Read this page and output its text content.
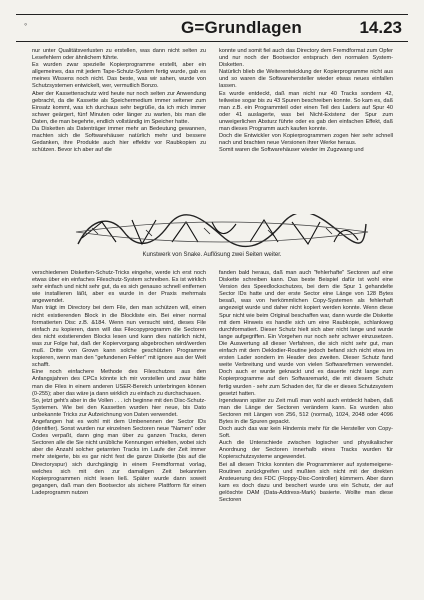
◦	G=Grundlagen	14.23

nur unter Qualitätsverlusten zu erstellen, was dann nicht selten zu Lesefehlern oder ähnlichem führte.

Es wurden zwar spezielle Kopierprogramme erstellt, aber ein allgemeines, das mit jedem Tape-Schutz-System fertig wurde, gab es meines Wissens noch nicht. Das beste, was wir sahen, wurde von Schutzsystemen entwickelt, wer, vermutlich Bonzo.

Aber der Kassettenschutz wird heute nur noch selten zur Anwendung gebracht, da die Kassette als Speichermedium immer seltener zum Einsatz kommt, was ich durchaus sehr begrüße, da ich mich immer schwer geärgert, fünf Minuten oder länger zu warten, bis man die Daten, die man begehrte, endlich vollständig im Speicher hatte.

Da Disketten als Datenträger immer mehr an Bedeutung gewannen, machten sich die Softwarehäuser natürlich mehr und bessere Gedanken, ihre Produkte auch hier effektiv vor Raubkopien zu schützen. Bevor ich aber auf die

konnte und somit fiel auch das Directory dem Fremdformat zum Opfer und nur noch der Bootsector entsprach den normalen System-Disketten.

Natürlich blieb die Weiterentwicklung der Kopierprogramme nicht aus und so waren die Softwarehersteller wieder etwas neues einfallen lassen.

Es wurde entdeckt, daß man nicht nur 40 Tracks sondern 42, teilweise sogar bis zu 43 Spuren beschreiben konnte. So kam es, daß man z.B. ein Programmteil oder einen Teil des Laders auf Spur 40 oder 41 auslagerte, was bei Nicht-Existenz der Spur zum unweigerlichen Absturz führte oder es gab den einfachen Effekt, daß man dieses Programm auch kaufen konnte.

Doch die Entwickler von Kopierprogrammen zogen hier sehr schnell nach und brachten neue Versionen ihrer Werke heraus.

Somit waren die Softwarehäuser wieder im Zugzwang und

Kunstwerk von Snake. Auflösung zwei Seiten weiter.

verschiedenen Disketten-Schutz-Tricks eingehe, werde ich erst noch etwas über ein einfaches Fileschutz-System schreiben. Es ist wirklich sehr einfach und nicht sehr gut, da es sich genauso schnell entfernen wie installieren läßt, aber es wurde in der Praxis mehrmals angewendet.

Man trägt im Directory bei dem File, den man schützen will, einen nicht existierenden Block in die Blockliste ein. Bei einer normal formatierten Disc z.B. &184. Wenn nun versucht wird, dieses File einfach zu kopieren, dann will das Filecopyprogramm die Sectoren des nicht existierenden Blocks lesen und kann dies natürlich nicht, was zur Folge hat, daß der Kopiervorgang abgebrochen wird/werden muß. Dritte von Grown kann solche geschützten Programme kopieren, wenn man den "gefundenen Fehler" mit ignore aus der Welt schafft.

Eine noch einfachere Methode des Fileschutzes aus den Anfangsjahren des CPCs könnte ich mir vorstellen und zwar hätte man die Files in einem anderen USER-Bereich unterbringen können (0-255); aber das wäre ja dann wirklich zu einfach zu durchschauen.

So, jetzt geht's aber in die Vollen . . . ich beginne mit den Disc-Schutz-Systemen. Wie bei den Kassetten wurden hier neue, bis Dato unbekannte Tricks zur Aufzeichnung von Daten verwendet.

Angefangen hat es wohl mit dem Umbenennen der Sector IDs (Identifier). Sonst wurden nur einzelnen Sectoren neue "Namen" oder Codes verpaßt, dann ging man über zu ganzen Tracks, deren Sectoren alle die Sie nicht unübliche Kennungen erhielten, wobei sich aber die Anzahl solcher getarnten Tracks im Laufe der Zeit immer mehr steigerte, bis es gar nicht fest die ganze Diskette (bis auf die Directoryspur) sich durchgängig in einem Fremdformat vorlag, welches sich mit den zur damaligen Zeit bekannten Kopierprogrammen nicht lesen ließ. Später wurde dann soweit gegangen, daß man den Bootsector als sichere Plattform für einen Ladeprogramm nutzen

fanden bald heraus, daß man auch "fehlerhafte" Sectoren auf eine Diskette schreiben kann. Das beste Beispiel dafür ist wohl eine Version des Speedlockschutzes, bei dem die Spur 1 gehandelte Sector IDs hatte und der erste Sector eine Länge von 128 Bytes besaß, was von herkömmlichen Copy-Systemen als fehlerhaft angezeigt wurde und daher nicht kopiert werden konnte. Wenn diese Spur nicht wie beim Original beschaffen war, dann wurde die Diskette mit dem Hinweis es handle sich um eine Raubkopie, schlankweg durchformatiert. Dieser Schutz hielt sich aber nicht lange und wurde lange aufgegriffen. Ein Vorgehen nur noch sehr schwer einzusetzen. Die Auswertung all dieser Verfahren, die sich nicht sehr gut, man einfach mit dem Deklodier-Routine jedoch befand sich nicht etwa im ersten Lader sondern im Header des zweiten. Dieser Schutz fand weite Verbreitung und wurde von vielen Softwarefirmen verwendet. Doch auch er wurde geknackt und es dauerte nicht lange zum Kopierprogramme auf den Softwaremarkt, die mit diesem Schutz fertig wurden - sehr zum Schaden der, für die er dieses Schutzsystem gesetzt hatten.

Irgendwann später zu Zeit muß man wohl auch entdeckt haben, daß man die Länge der Sectoren verändern kann. Es wurden also Sectoren mit Längen von 256, 512 (normal), 1024, 2048 oder 4096 Bytes in die Spuren gepackt.

Doch auch das war kein Hindernis mehr für die Hersteller von Copy-Soft.

Auch die Unterschiede zwischen logischer und physikalischer Anordnung der Sectoren innerhalb eines Tracks wurden für Kopierschutzsysteme angewendet.

Bei all diesen Tricks konnten die Programmierer auf systemeigene-Routinen zurückgreifen und mußten sich nicht mit der direkten Ansteuerung des FDC (Floppy-Disc-Controller) kümmern. Aber dann kam es doch dazu und beschert wurde uns ein Schutz, der auf gelöschte DAM (Data-Address-Mark) basierte. Wollte man diese Sectoren
